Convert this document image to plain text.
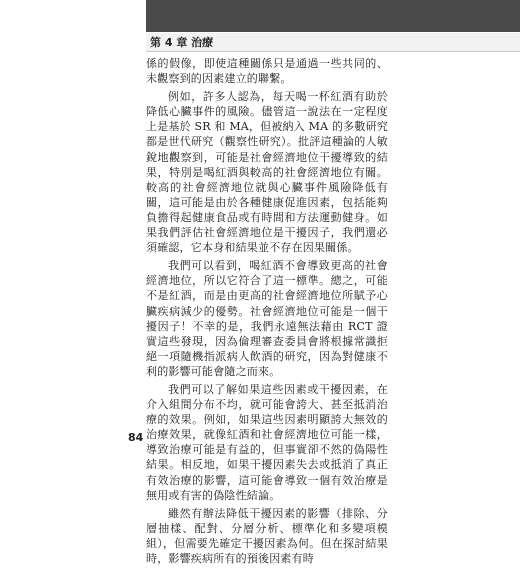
第 4 章 治療

係的假像，即使這種關係只是通過一些共同的、未觀察到的因素建立的聯繫。

例如，許多人認為，每天喝一杯紅酒有助於降低心臟事件的風險。儘管這一說法在一定程度上是基於 SR 和 MA，但被納入 MA 的多數研究都是世代研究（觀察性研究）。批評這種論的人敏銳地觀察到，可能是社會經濟地位干擾導致的結果，特別是喝紅酒與較高的社會經濟地位有關。較高的社會經濟地位就與心臟事件風險降低有關，這可能是由於各種健康促進因素，包括能夠負擔得起健康食品或有時間和方法運動健身。如果我們評估社會經濟地位是干擾因子，我們還必須確認，它本身和結果並不存在因果關係。

我們可以看到，喝紅酒不會導致更高的社會經濟地位，所以它符合了這一標準。總之，可能不是紅酒，而是由更高的社會經濟地位所賦予心臟疾病減少的優勢。社會經濟地位可能是一個干擾因子！不幸的是，我們永遠無法藉由 RCT 證實這些發現，因為倫理審查委員會將根據常識拒絕一項隨機指派病人飲酒的研究，因為對健康不利的影響可能會隨之而來。

我們可以了解如果這些因素或干擾因素，在介入組間分布不均，就可能會誇大、甚至抵消治療的效果。例如，如果這些因素明顯誇大無效的治療效果，就像紅酒和社會經濟地位可能一樣，導致治療可能是有益的，但事實卻不然的偽陽性結果。相反地，如果干擾因素失去或抵消了真正有效治療的影響，這可能會導致一個有效治療是無用或有害的偽陰性結論。

雖然有辦法降低干擾因素的影響（排除、分層抽樣、配對、分層分析、標準化和多變項模組），但需要先確定干擾因素為何。但在探討結果時，影響疾病所有的預後因素有時

84
